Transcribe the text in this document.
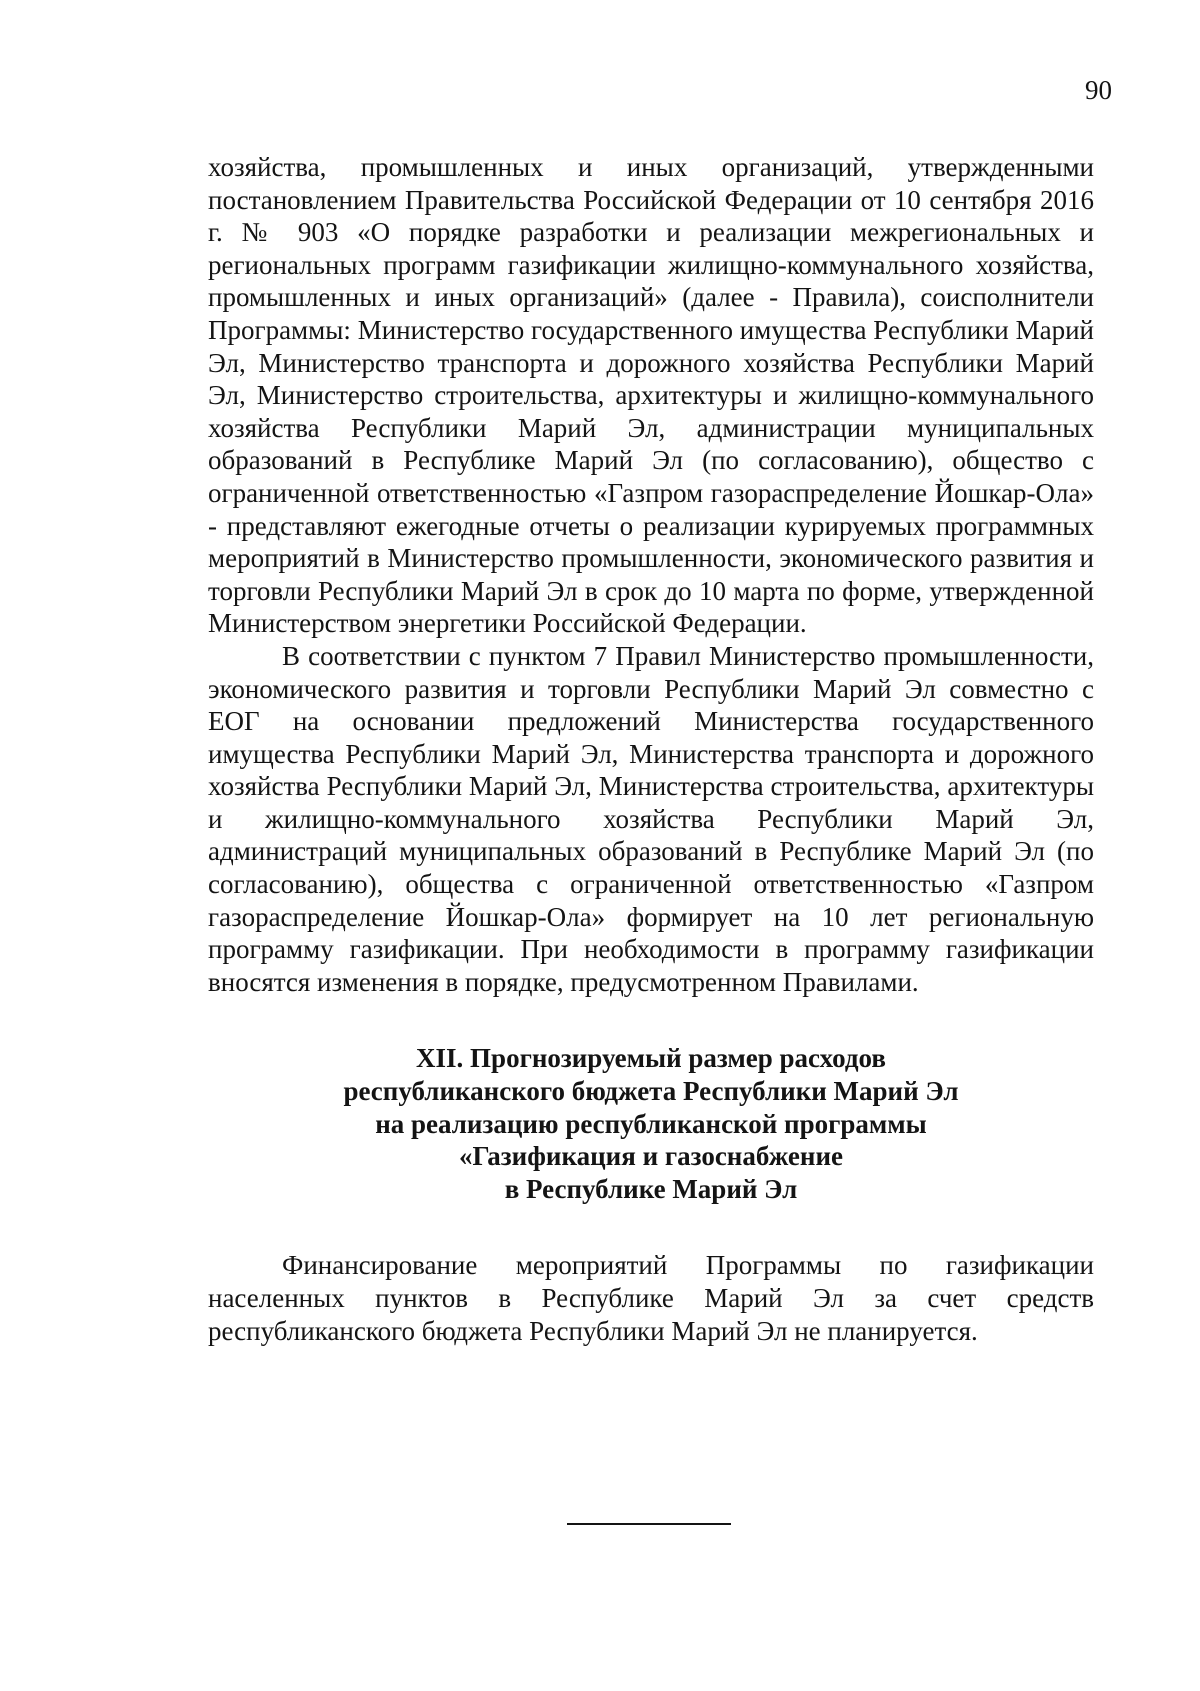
90

хозяйства, промышленных и иных организаций, утвержденными постановлением Правительства Российской Федерации от 10 сентября 2016 г. № 903 «О порядке разработки и реализации межрегиональных и региональных программ газификации жилищно-коммунального хозяйства, промышленных и иных организаций» (далее - Правила), соисполнители Программы: Министерство государственного имущества Республики Марий Эл, Министерство транспорта и дорожного хозяйства Республики Марий Эл, Министерство строительства, архитектуры и жилищно-коммунального хозяйства Республики Марий Эл, администрации муниципальных образований в Республике Марий Эл (по согласованию), общество с ограниченной ответственностью «Газпром газораспределение Йошкар-Ола» - представляют ежегодные отчеты о реализации курируемых программных мероприятий в Министерство промышленности, экономического развития и торговли Республики Марий Эл в срок до 10 марта по форме, утвержденной Министерством энергетики Российской Федерации.

В соответствии с пунктом 7 Правил Министерство промышленности, экономического развития и торговли Республики Марий Эл совместно с ЕОГ на основании предложений Министерства государственного имущества Республики Марий Эл, Министерства транспорта и дорожного хозяйства Республики Марий Эл, Министерства строительства, архитектуры и жилищно-коммунального хозяйства Республики Марий Эл, администраций муниципальных образований в Республике Марий Эл (по согласованию), общества с ограниченной ответственностью «Газпром газораспределение Йошкар-Ола» формирует на 10 лет региональную программу газификации. При необходимости в программу газификации вносятся изменения в порядке, предусмотренном Правилами.

XII. Прогнозируемый размер расходов
республиканского бюджета Республики Марий Эл
на реализацию республиканской программы
«Газификация и газоснабжение
в Республике Марий Эл

Финансирование мероприятий Программы по газификации населенных пунктов в Республике Марий Эл за счет средств республиканского бюджета Республики Марий Эл не планируется.
